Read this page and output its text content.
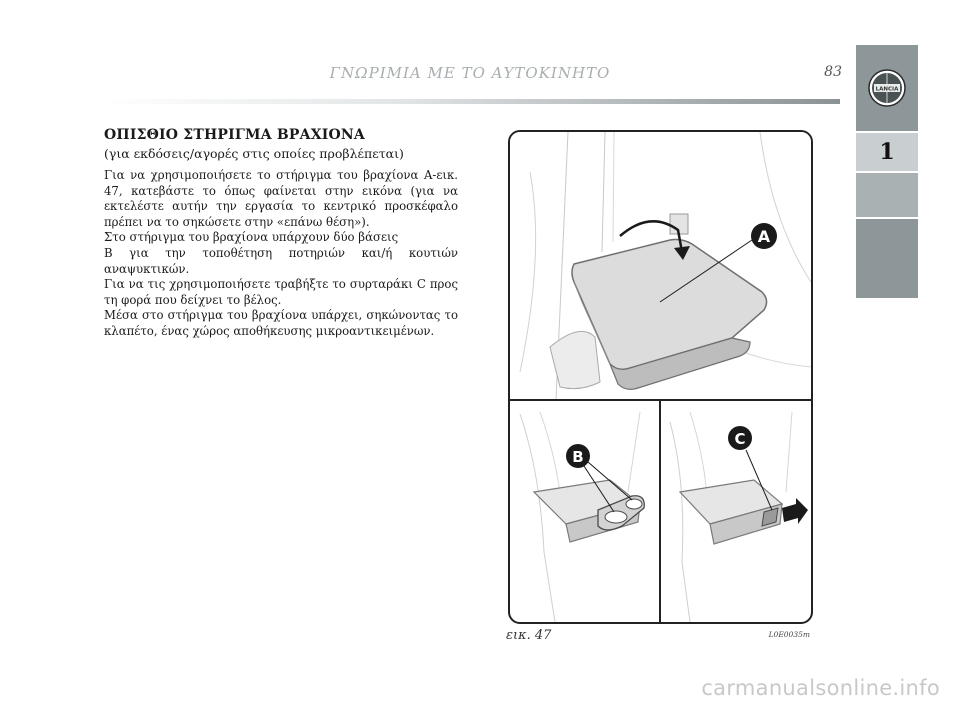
ΓΝΩΡΙΜΙΑ ΜΕ ΤΟ ΑΥΤΟΚΙΝΗΤΟ	83
LANCIA
1
ΟΠΙΣΘΙΟ ΣΤΗΡΙΓΜΑ ΒΡΑΧΙΟΝΑ
(για εκδόσεις/αγορές στις οποίες προβλέπεται)

Για να χρησιμοποιήσετε το στήριγμα του βραχίονα A-εικ. 47, κατεβάστε το όπως φαίνεται στην εικόνα (για να εκτελέστε αυτήν την εργασία το κεντρικό προσκέφαλο πρέπει να το σηκώσετε στην «επάνω θέση»).

Στο στήριγμα του βραχίονα υπάρχουν δύο βάσεις

B για την τοποθέτηση ποτηριών και/ή κουτιών αναψυκτικών.

Για να τις χρησιμοποιήσετε τραβήξτε το συρταράκι C προς τη φορά που δείχνει το βέλος.

Μέσα στο στήριγμα του βραχίονα υπάρχει, σηκώνοντας το κλαπέτο, ένας χώρος αποθήκευσης μικροαντικειμένων.

A
B
C
εικ. 47	L0E0035m
carmanualsonline.info
